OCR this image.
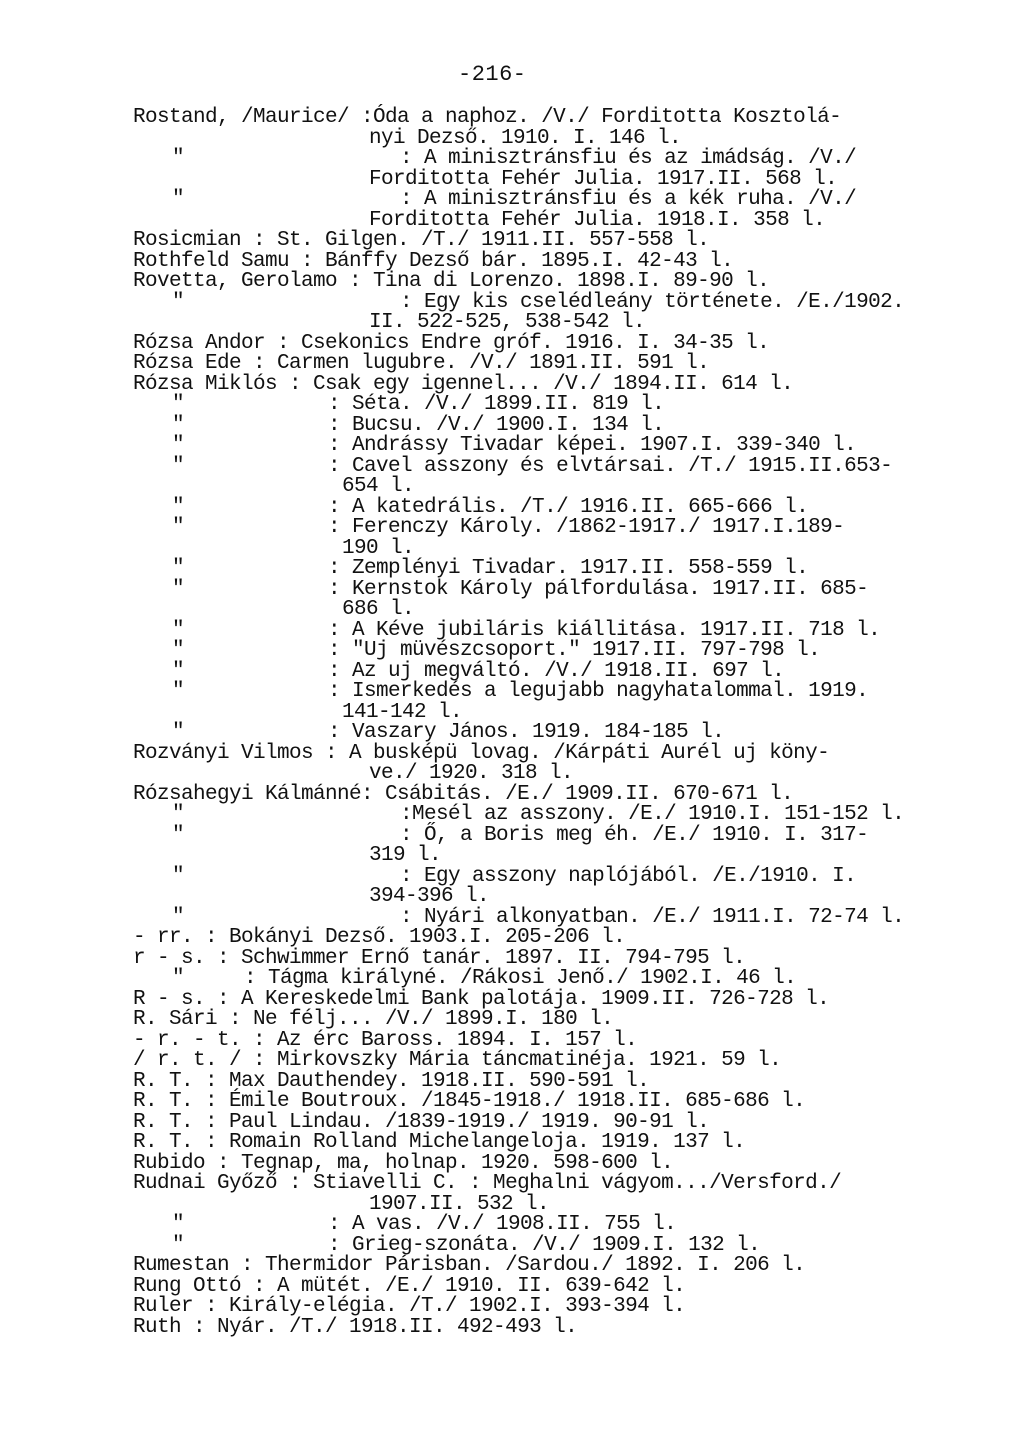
-216-
Rostand, /Maurice/ :Óda a naphoz. /V./ Forditotta Kosztolá-
nyi Dezső. 1910. I. 146 l.
"                  : A minisztránsfiu és az imádság. /V./
Forditotta Fehér Julia. 1917.II. 568 l.
"                  : A minisztránsfiu és a kék ruha. /V./
Forditotta Fehér Julia. 1918.I. 358 l.
Rosicmian : St. Gilgen. /T./ 1911.II. 557-558 l.
Rothfeld Samu : Bánffy Dezső bár. 1895.I. 42-43 l.
Rovetta, Gerolamo : Tina di Lorenzo. 1898.I. 89-90 l.
"                  : Egy kis cselédleány története. /E./1902.
II. 522-525, 538-542 l.
Rózsa Andor : Csekonics Endre gróf. 1916. I. 34-35 l.
Rózsa Ede : Carmen lugubre. /V./ 1891.II. 591 l.
Rózsa Miklós : Csak egy igennel... /V./ 1894.II. 614 l.
"            : Séta. /V./ 1899.II. 819 l.
"            : Bucsu. /V./ 1900.I. 134 l.
"            : Andrássy Tivadar képei. 1907.I. 339-340 l.
"            : Cavel asszony és elvtársai. /T./ 1915.II.653-
654 l.
"            : A katedrális. /T./ 1916.II. 665-666 l.
"            : Ferenczy Károly. /1862-1917./ 1917.I.189-
190 l.
"            : Zemplényi Tivadar. 1917.II. 558-559 l.
"            : Kernstok Károly pálfordulása. 1917.II. 685-
686 l.
"            : A Kéve jubiláris kiállitása. 1917.II. 718 l.
"            : "Uj müvészcsoport." 1917.II. 797-798 l.
"            : Az uj megváltó. /V./ 1918.II. 697 l.
"            : Ismerkedés a legujabb nagyhatalommal. 1919.
141-142 l.
"            : Vaszary János. 1919. 184-185 l.
Rozványi Vilmos : A busképü lovag. /Kárpáti Aurél uj köny-
ve./ 1920. 318 l.
Rózsahegyi Kálmánné: Csábitás. /E./ 1909.II. 670-671 l.
"                  :Mesél az asszony. /E./ 1910.I. 151-152 l.
"                  : Ő, a Boris meg éh. /E./ 1910. I. 317-
319 l.
"                  : Egy asszony naplójából. /E./1910. I.
394-396 l.
"                  : Nyári alkonyatban. /E./ 1911.I. 72-74 l.
- rr. : Bokányi Dezső. 1903.I. 205-206 l.
r - s. : Schwimmer Ernő tanár. 1897. II. 794-795 l.
"     : Tágma királyné. /Rákosi Jenő./ 1902.I. 46 l.
R - s. : A Kereskedelmi Bank palotája. 1909.II. 726-728 l.
R. Sári : Ne félj... /V./ 1899.I. 180 l.
- r. - t. : Az érc Baross. 1894. I. 157 l.
/ r. t. / : Mirkovszky Mária táncmatinéja. 1921. 59 l.
R. T. : Max Dauthendey. 1918.II. 590-591 l.
R. T. : Émile Boutroux. /1845-1918./ 1918.II. 685-686 l.
R. T. : Paul Lindau. /1839-1919./ 1919. 90-91 l.
R. T. : Romain Rolland Michelangeloja. 1919. 137 l.
Rubido : Tegnap, ma, holnap. 1920. 598-600 l.
Rudnai Győző : Stiavelli C. : Meghalni vágyom.../Versford./
1907.II. 532 l.
"            : A vas. /V./ 1908.II. 755 l.
"            : Grieg-szonáta. /V./ 1909.I. 132 l.
Rumestan : Thermidor Párisban. /Sardou./ 1892. I. 206 l.
Rung Ottó : A mütét. /E./ 1910. II. 639-642 l.
Ruler : Király-elégia. /T./ 1902.I. 393-394 l.
Ruth : Nyár. /T./ 1918.II. 492-493 l.
